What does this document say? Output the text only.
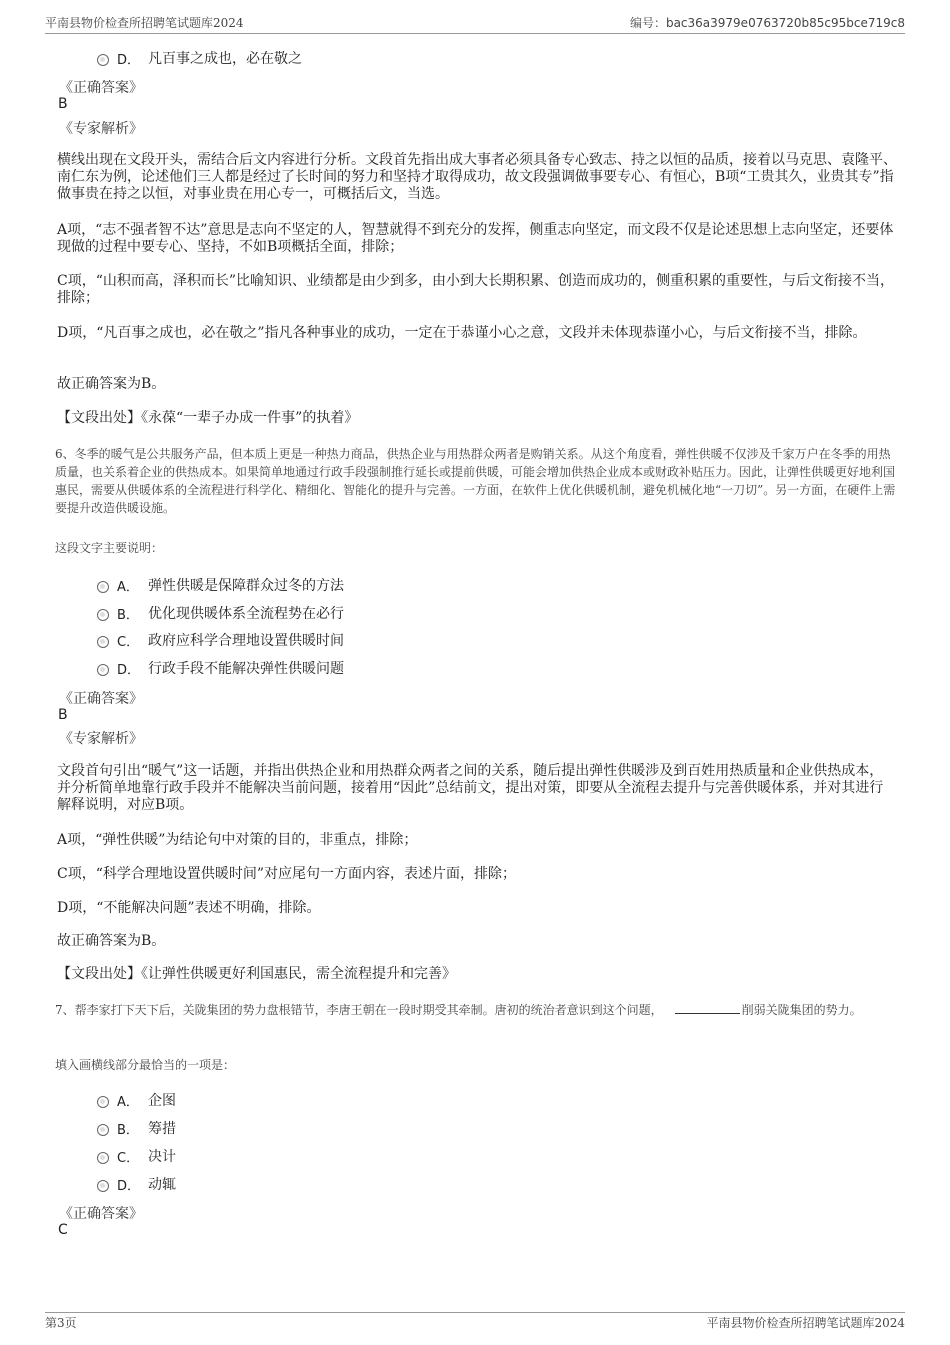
平南县物价检查所招聘笔试题库2024	编号：bac36a3979e0763720b85c95bce719c8
D． 凡百事之成也，必在敬之
《正确答案》
B
《专家解析》
横线出现在文段开头，需结合后文内容进行分析。文段首先指出成大事者必须具备专心致志、持之以恒的品质，接着以马克思、袁隆平、南仁东为例，论述他们三人都是经过了长时间的努力和坚持才取得成功，故文段强调做事要专心、有恒心，B项“工贵其久，业贵其专”指做事贵在持之以恒，对事业贵在用心专一，可概括后文，当选。
A项，“志不强者智不达”意思是志向不坚定的人，智慧就得不到充分的发挥，侧重志向坚定，而文段不仅是论述思想上志向坚定，还要体现做的过程中要专心、坚持，不如B项概括全面，排除；
C项，“山积而高，泽积而长”比喻知识、业绩都是由少到多，由小到大长期积累、创造而成功的，侧重积累的重要性，与后文衔接不当，排除；
D项，“凡百事之成也，必在敬之”指凡各种事业的成功，一定在于恭谨小心之意，文段并未体现恭谨小心，与后文衔接不当，排除。
故正确答案为B。
【文段出处】《永葆“一辈子办成一件事”的执着》
6、冬季的暖气是公共服务产品，但本质上更是一种热力商品，供热企业与用热群众两者是购销关系。从这个角度看，弹性供暖不仅涉及千家万户在冬季的用热质量，也关系着企业的供热成本。如果简单地通过行政手段强制推行延长或提前供暖，可能会增加供热企业成本或财政补贴压力。因此，让弹性供暖更好地利国惠民，需要从供暖体系的全流程进行科学化、精细化、智能化的提升与完善。一方面，在软件上优化供暖机制，避免机械化地“一刀切”。另一方面，在硬件上需要提升改造供暖设施。
这段文字主要说明：
A． 弹性供暖是保障群众过冬的方法
B． 优化现供暖体系全流程势在必行
C． 政府应科学合理地设置供暖时间
D． 行政手段不能解决弹性供暖问题
《正确答案》
B
《专家解析》
文段首句引出“暖气”这一话题，并指出供热企业和用热群众两者之间的关系，随后提出弹性供暖涉及到百姓用热质量和企业供热成本，并分析简单地靠行政手段并不能解决当前问题，接着用“因此”总结前文，提出对策，即要从全流程去提升与完善供暖体系，并对其进行解释说明，对应B项。
A项，“弹性供暖”为结论句中对策的目的，非重点，排除；
C项，“科学合理地设置供暖时间”对应尾句一方面内容，表述片面，排除；
D项，“不能解决问题”表述不明确，排除。
故正确答案为B。
【文段出处】《让弹性供暖更好利国惠民，需全流程提升和完善》
7、帮李家打下天下后，关陇集团的势力盘根错节，李唐王朝在一段时期受其牵制。唐初的统治者意识到这个问题，	削弱关陇集团的势力。
填入画横线部分最恰当的一项是：
A． 企图
B． 筹措
C． 决计
D． 动辄
《正确答案》
C
第3页	平南县物价检查所招聘笔试题库2024
